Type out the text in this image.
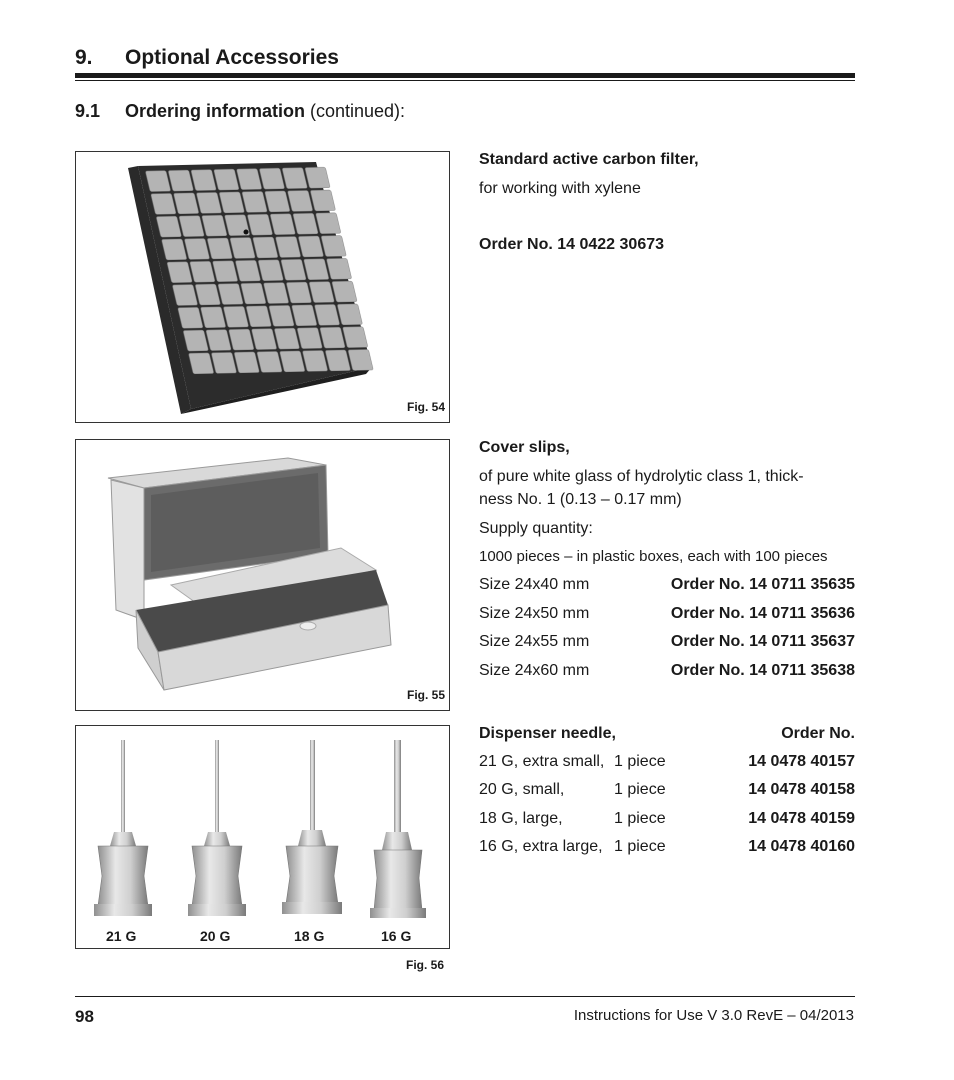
9. Optional Accessories
9.1 Ordering information (continued):
Fig. 54
Standard active carbon filter,
for working with xylene
Order No. 14 0422 30673
Fig. 55
Cover slips,
of pure white glass of hydrolytic class 1, thick-
ness No. 1 (0.13 – 0.17 mm)
Supply quantity:
1000 pieces – in plastic boxes, each with 100 pieces
Size 24x40 mm	Order No. 14 0711 35635
Size 24x50 mm	Order No. 14 0711 35636
Size 24x55 mm	Order No. 14 0711 35637
Size 24x60 mm	Order No. 14 0711 35638
21 G	20 G	18 G	16 G
Fig. 56
Dispenser needle,	Order No.
21 G, extra small, 1 piece	14 0478 40157
20 G, small,	1 piece	14 0478 40158
18 G, large,	1 piece	14 0478 40159
16 G, extra large, 1 piece	14 0478 40160
98	Instructions for Use V 3.0 RevE – 04/2013
